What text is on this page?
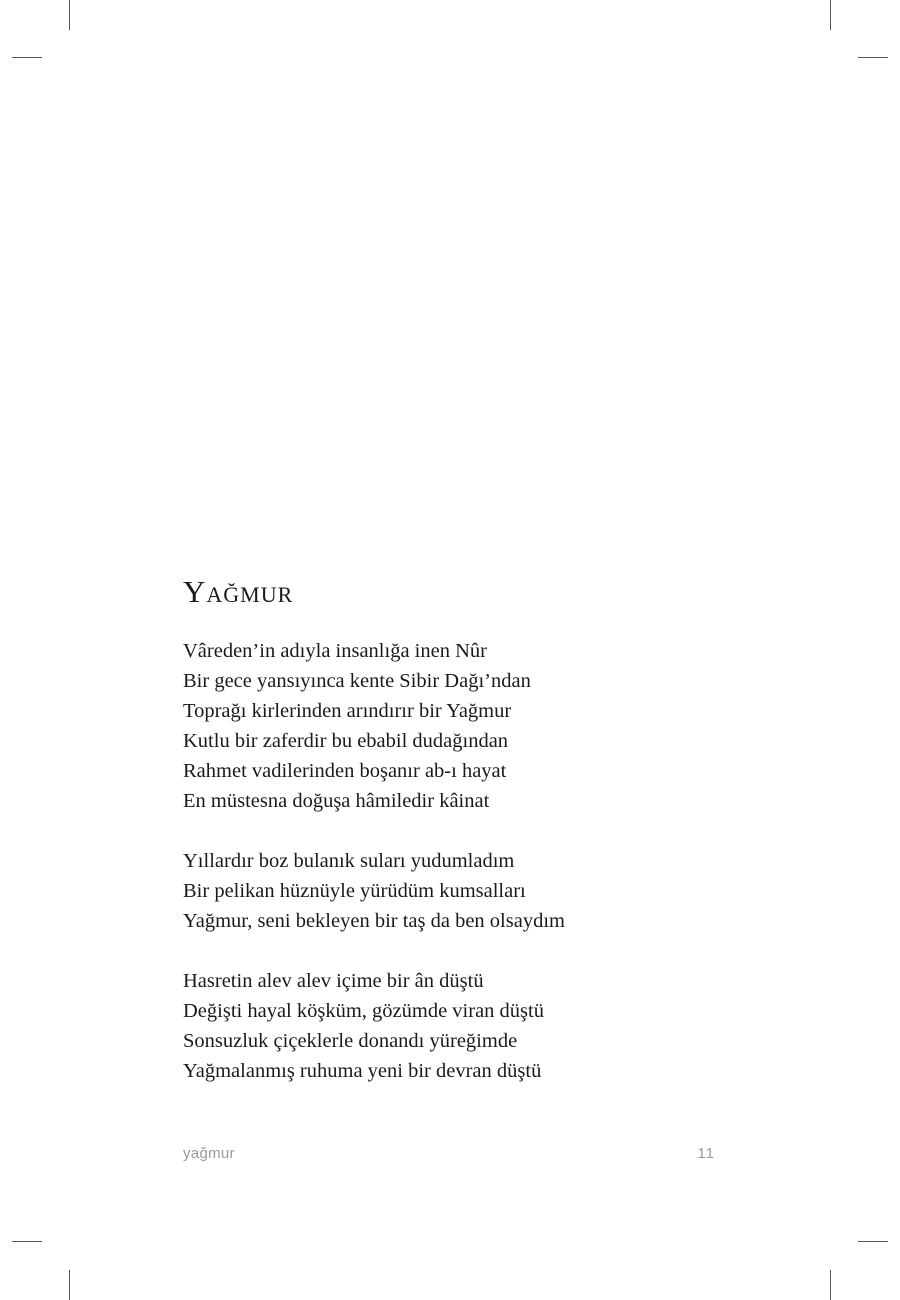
Yağmur
Vâreden’in adıyla insanlığa inen Nûr
Bir gece yansıyınca kente Sibir Dağı’ndan
Toprağı kirlerinden arındırır bir Yağmur
Kutlu bir zaferdir bu ebabil dudağından
Rahmet vadilerinden boşanır ab-ı hayat
En müstesna doğuşa hâmiledir kâinat
Yıllardır boz bulanık suları yudumladım
Bir pelikan hüznüyle yürüdüm kumsalları
Yağmur, seni bekleyen bir taş da ben olsaydım
Hasretin alev alev içime bir ân düştü
Değişti hayal köşküm, gözümde viran düştü
Sonsuzluk çiçeklerle donandı yüreğimde
Yağmalanmış ruhuma yeni bir devran düştü
yağmur	11
